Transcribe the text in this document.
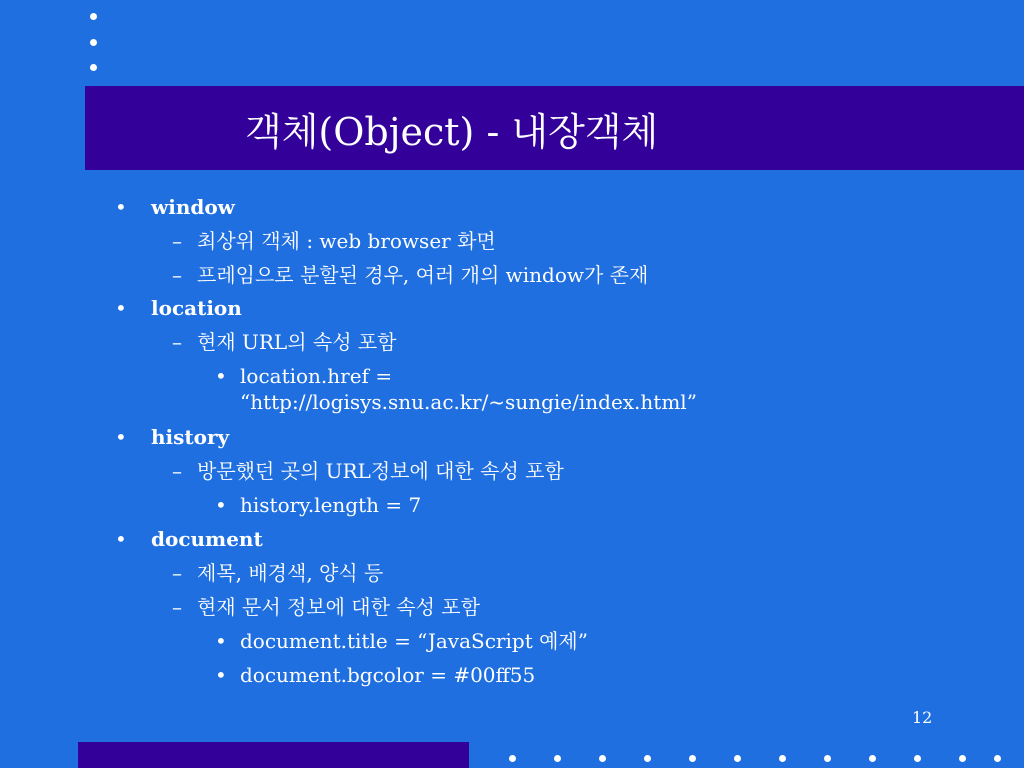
객체(Object) - 내장객체
• window
– 최상위 객체 : web browser 화면
– 프레임으로 분할된 경우, 여러 개의 window가 존재
• location
– 현재 URL의 속성 포함
• location.href =
“http://logisys.snu.ac.kr/~sungie/index.html”
• history
– 방문했던 곳의 URL정보에 대한 속성 포함
• history.length = 7
• document
– 제목, 배경색, 양식 등
– 현재 문서 정보에 대한 속성 포함
• document.title = “JavaScript 예제”
• document.bgcolor = #00ff55
12
